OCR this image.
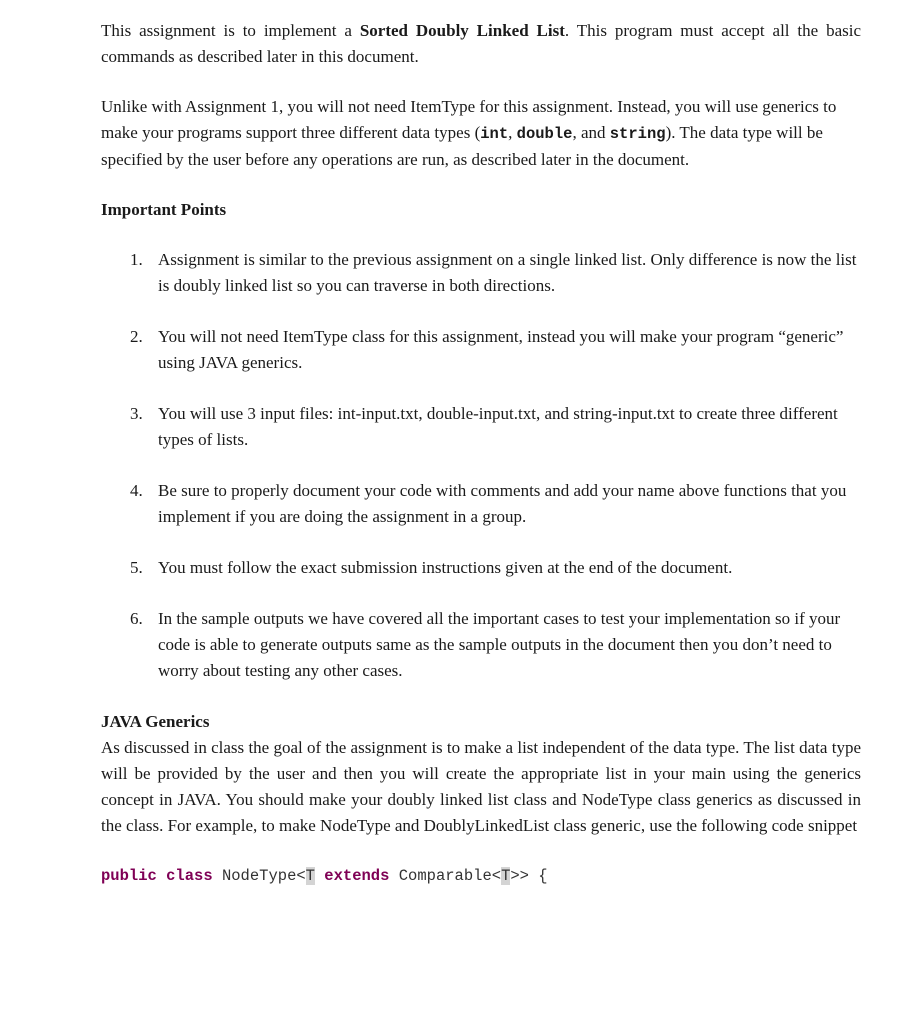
This assignment is to implement a Sorted Doubly Linked List. This program must accept all the basic commands as described later in this document.

Unlike with Assignment 1, you will not need ItemType for this assignment. Instead, you will use generics to make your programs support three different data types (int, double, and string). The data type will be specified by the user before any operations are run, as described later in the document.

Important Points
1. Assignment is similar to the previous assignment on a single linked list. Only difference is now the list is doubly linked list so you can traverse in both directions.
2. You will not need ItemType class for this assignment, instead you will make your program “generic” using JAVA generics.
3. You will use 3 input files: int-input.txt, double-input.txt, and string-input.txt to create three different types of lists.
4. Be sure to properly document your code with comments and add your name above functions that you implement if you are doing the assignment in a group.
5. You must follow the exact submission instructions given at the end of the document.
6. In the sample outputs we have covered all the important cases to test your implementation so if your code is able to generate outputs same as the sample outputs in the document then you don’t need to worry about testing any other cases.
JAVA Generics

As discussed in class the goal of the assignment is to make a list independent of the data type. The list data type will be provided by the user and then you will create the appropriate list in your main using the generics concept in JAVA. You should make your doubly linked list class and NodeType class generics as discussed in the class. For example, to make NodeType and DoublyLinkedList class generic, use the following code snippet

public class NodeType<T extends Comparable<T>> {
